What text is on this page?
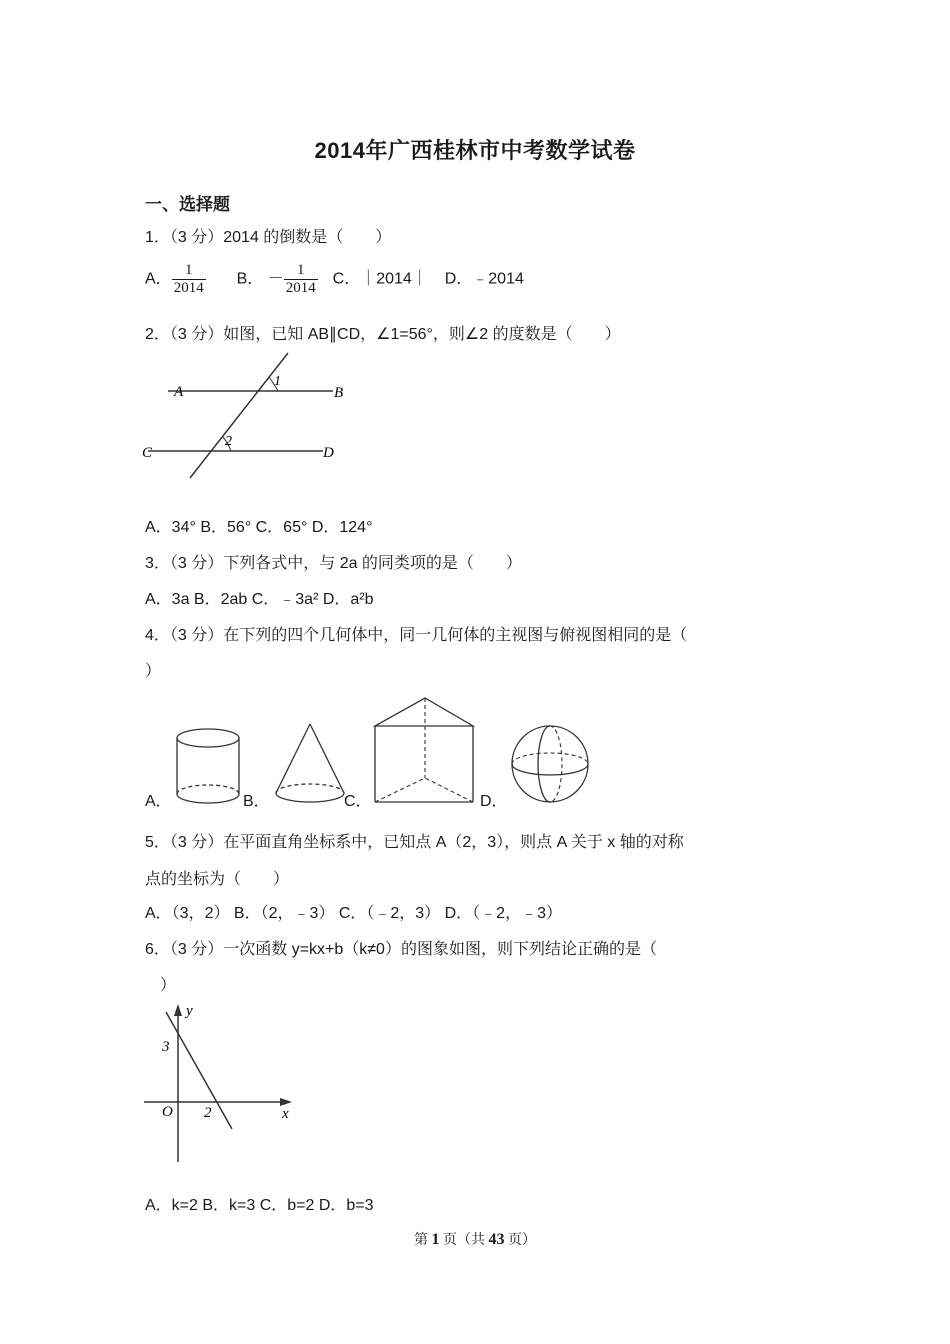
2014年广西桂林市中考数学试卷
一、选择题
1．（3 分）2014 的倒数是（　　）
A． $\frac{1}{2014}$ B． － $\frac{1}{2014}$ C．｜2014｜ D．﹣2014
2．（3 分）如图，已知 AB∥CD，∠1=56°，则∠2 的度数是（　　）
A	B
C	D
1
2
A．34° B．56° C．65° D．124°
3．（3 分）下列各式中，与 2a 的同类项的是（　　）
A．3a B．2ab C．﹣3a² D．a²b
4．（3 分）在下列的四个几何体中，同一几何体的主视图与俯视图相同的是（
）
A．	B．	C．	D．
5．（3 分）在平面直角坐标系中，已知点 A（2，3），则点 A 关于 x 轴的对称
点的坐标为（　　）
A．（3，2） B．（2，﹣3） C．（﹣2，3） D．（﹣2，﹣3）
6．（3 分）一次函数 y=kx+b（k≠0）的图象如图，则下列结论正确的是（
）
y
x
O
3
2
A．k=2 B．k=3 C．b=2 D．b=3
第 1 页（共 43 页）
